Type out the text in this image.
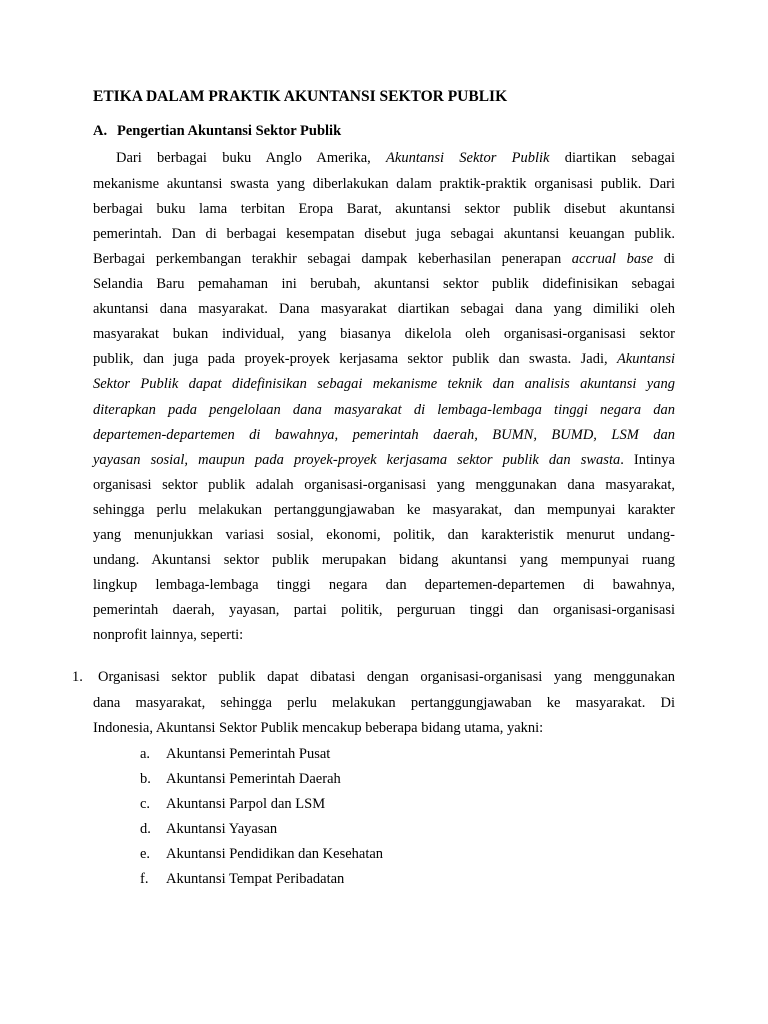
ETIKA DALAM PRAKTIK AKUNTANSI SEKTOR PUBLIK
A. Pengertian Akuntansi Sektor Publik
Dari berbagai buku Anglo Amerika, Akuntansi Sektor Publik diartikan sebagai
mekanisme akuntansi swasta yang diberlakukan dalam praktik-praktik organisasi publik. Dari
berbagai buku lama terbitan Eropa Barat, akuntansi sektor publik disebut akuntansi
pemerintah. Dan di berbagai kesempatan disebut juga sebagai akuntansi keuangan publik.
Berbagai perkembangan terakhir sebagai dampak keberhasilan penerapan accrual base di
Selandia Baru pemahaman ini berubah, akuntansi sektor publik didefinisikan sebagai
akuntansi dana masyarakat. Dana masyarakat diartikan sebagai dana yang dimiliki oleh
masyarakat bukan individual, yang biasanya dikelola oleh organisasi-organisasi sektor
publik, dan juga pada proyek-proyek kerjasama sektor publik dan swasta. Jadi, Akuntansi
Sektor Publik dapat didefinisikan sebagai mekanisme teknik dan analisis akuntansi yang
diterapkan pada pengelolaan dana masyarakat di lembaga-lembaga tinggi negara dan
departemen-departemen di bawahnya, pemerintah daerah, BUMN, BUMD, LSM dan
yayasan sosial, maupun pada proyek-proyek kerjasama sektor publik dan swasta. Intinya
organisasi sektor publik adalah organisasi-organisasi yang menggunakan dana masyarakat,
sehingga perlu melakukan pertanggungjawaban ke masyarakat, dan mempunyai karakter
yang menunjukkan variasi sosial, ekonomi, politik, dan karakteristik menurut undang-
undang. Akuntansi sektor publik merupakan bidang akuntansi yang mempunyai ruang
lingkup lembaga-lembaga tinggi negara dan departemen-departemen di bawahnya,
pemerintah daerah, yayasan, partai politik, perguruan tinggi dan organisasi-organisasi
nonprofit lainnya, seperti:
1. Organisasi sektor publik dapat dibatasi dengan organisasi-organisasi yang menggunakan
dana masyarakat, sehingga perlu melakukan pertanggungjawaban ke masyarakat. Di
Indonesia, Akuntansi Sektor Publik mencakup beberapa bidang utama, yakni:
a. Akuntansi Pemerintah Pusat
b. Akuntansi Pemerintah Daerah
c. Akuntansi Parpol dan LSM
d. Akuntansi Yayasan
e. Akuntansi Pendidikan dan Kesehatan
f. Akuntansi Tempat Peribadatan
